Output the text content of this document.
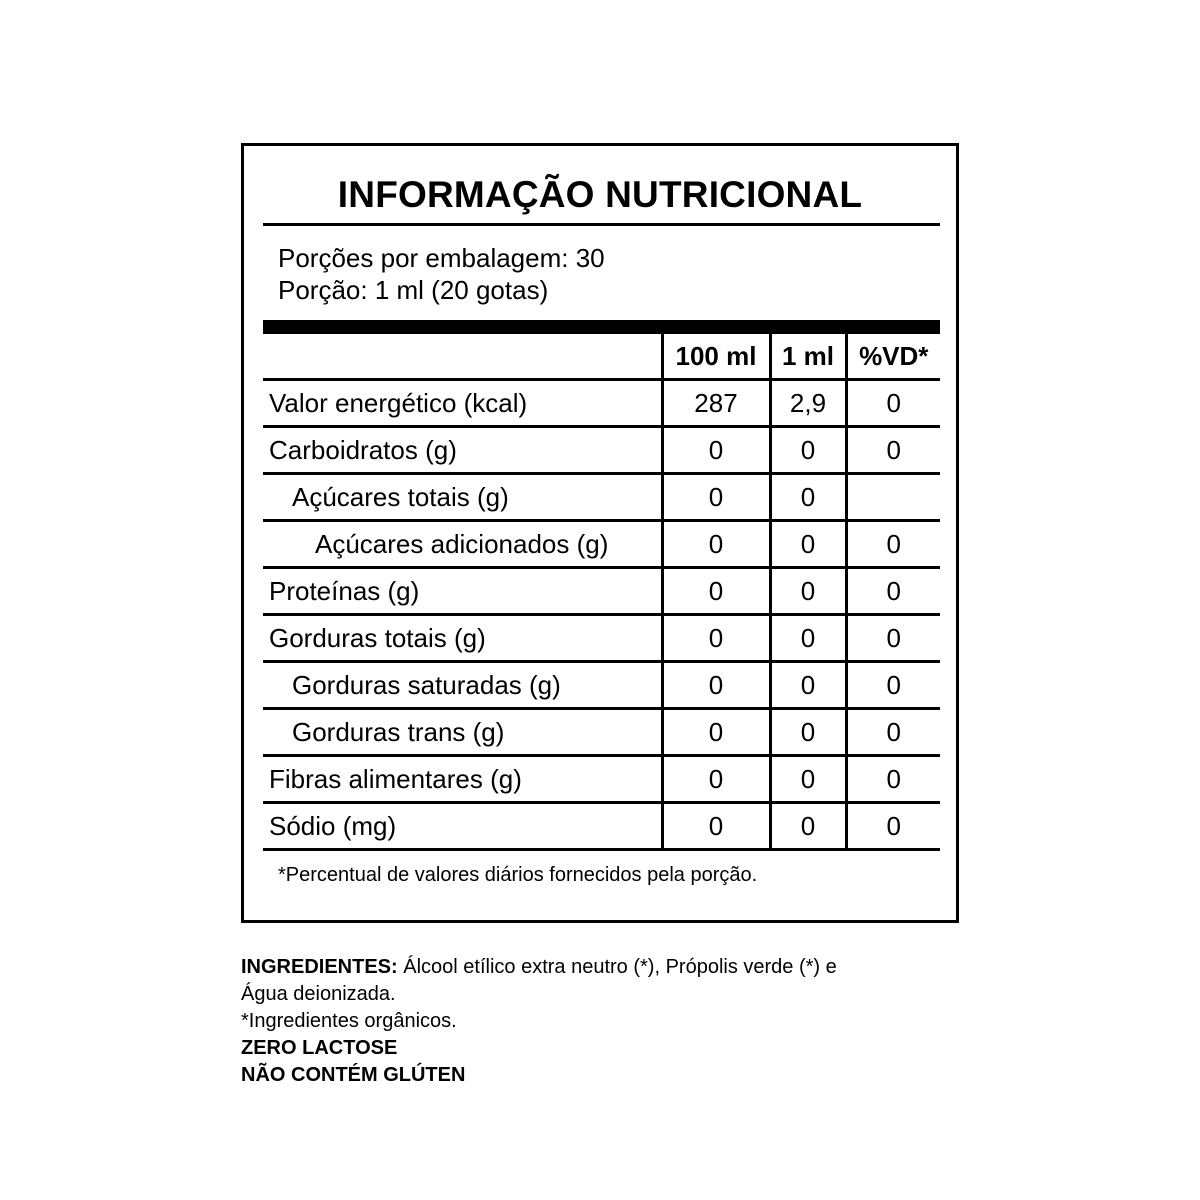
INFORMAÇÃO NUTRICIONAL
Porções por embalagem: 30
Porção: 1 ml (20 gotas)
	100 ml	1 ml	%VD*
Valor energético (kcal)	287	2,9	0
Carboidratos (g)	0	0	0
Açúcares totais (g)	0	0	
Açúcares adicionados (g)	0	0	0
Proteínas (g)	0	0	0
Gorduras totais (g)	0	0	0
Gorduras saturadas (g)	0	0	0
Gorduras trans (g)	0	0	0
Fibras alimentares (g)	0	0	0
Sódio (mg)	0	0	0
*Percentual de valores diários fornecidos pela porção.
INGREDIENTES: Álcool etílico extra neutro (*), Própolis verde (*) e
Água deionizada.
*Ingredientes orgânicos.
ZERO LACTOSE
NÃO CONTÉM GLÚTEN
